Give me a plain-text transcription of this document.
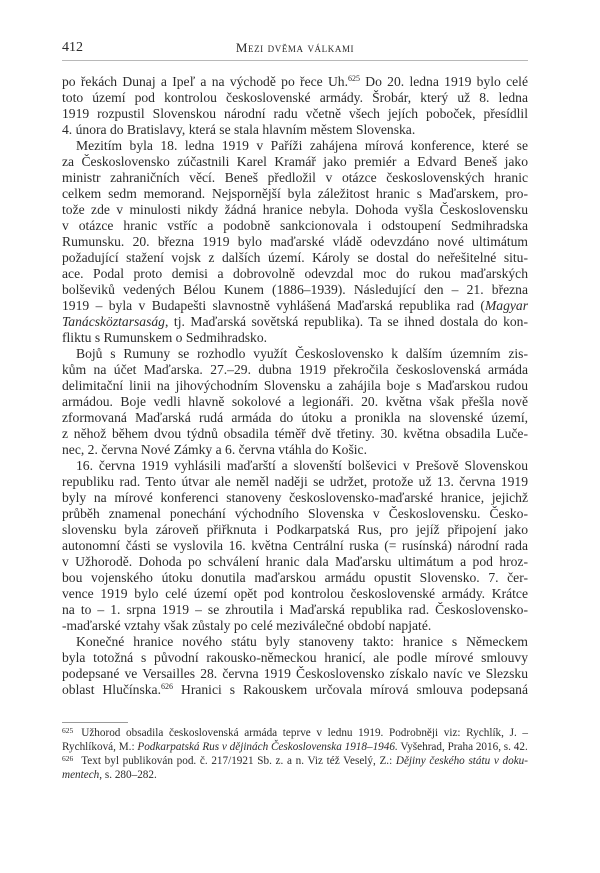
412	Mezi dvěma válkami
po řekách Dunaj a Ipeľ a na východě po řece Uh.$^{625}$ Do 20. ledna 1919 bylo celé
toto území pod kontrolou československé armády. Šrobár, který už 8. ledna
1919 rozpustil Slovenskou národní radu včetně všech jejích poboček, přesídlil
4. února do Bratislavy, která se stala hlavním městem Slovenska.
Mezitím byla 18. ledna 1919 v Paříži zahájena mírová konference, které se
za Československo zúčastnili Karel Kramář jako premiér a Edvard Beneš jako
ministr zahraničních věcí. Beneš předložil v otázce československých hranic
celkem sedm memorand. Nejspornější byla záležitost hranic s Maďarskem, pro-
tože zde v minulosti nikdy žádná hranice nebyla. Dohoda vyšla Československu
v otázce hranic vstříc a podobně sankcionovala i odstoupení Sedmihradska
Rumunsku. 20. března 1919 bylo maďarské vládě odevzdáno nové ultimátum
požadující stažení vojsk z dalších území. Károly se dostal do neřešitelné situ-
ace. Podal proto demisi a dobrovolně odevzdal moc do rukou maďarských
bolševiků vedených Bélou Kunem (1886–1939). Následující den – 21. března
1919 – byla v Budapešti slavnostně vyhlášená Maďarská republika rad (Magyar
Tanácsköztarsaság, tj. Maďarská sovětská republika). Ta se ihned dostala do kon-
fliktu s Rumunskem o Sedmihradsko.
Bojů s Rumuny se rozhodlo využít Československo k dalším územním zis-
kům na účet Maďarska. 27.–29. dubna 1919 překročila československá armáda
delimitační linii na jihovýchodním Slovensku a zahájila boje s Maďarskou rudou
armádou. Boje vedli hlavně sokolové a legionáři. 20. května však přešla nově
zformovaná Maďarská rudá armáda do útoku a pronikla na slovenské území,
z něhož během dvou týdnů obsadila téměř dvě třetiny. 30. května obsadila Luče-
nec, 2. června Nové Zámky a 6. června vtáhla do Košic.
16. června 1919 vyhlásili maďarští a slovenští bolševici v Prešově Slovenskou
republiku rad. Tento útvar ale neměl naději se udržet, protože už 13. června 1919
byly na mírové konferenci stanoveny československo-maďarské hranice, jejichž
průběh znamenal ponechání východního Slovenska v Československu. Česko-
slovensku byla zároveň přiřknuta i Podkarpatská Rus, pro jejíž připojení jako
autonomní části se vyslovila 16. května Centrální ruska (= rusínská) národní rada
v Užhorodě. Dohoda po schválení hranic dala Maďarsku ultimátum a pod hroz-
bou vojenského útoku donutila maďarskou armádu opustit Slovensko. 7. čer-
vence 1919 bylo celé území opět pod kontrolou československé armády. Krátce
na to – 1. srpna 1919 – se zhroutila i Maďarská republika rad. Československo-
-maďarské vztahy však zůstaly po celé meziválečné období napjaté.
Konečné hranice nového státu byly stanoveny takto: hranice s Německem
byla totožná s původní rakousko-německou hranicí, ale podle mírové smlouvy
podepsané ve Versailles 28. června 1919 Československo získalo navíc ve Slezsku
oblast Hlučínska.$^{626}$ Hranici s Rakouskem určovala mírová smlouva podepsaná
$^{625}$ Užhorod obsadila československá armáda teprve v lednu 1919. Podrobněji viz: Rychlík, J. –
Rychlíková, M.: Podkarpatská Rus v dějinách Československa 1918–1946. Vyšehrad, Praha 2016, s. 42.
$^{626}$ Text byl publikován pod. č. 217/1921 Sb. z. a n. Viz též Veselý, Z.: Dějiny českého státu v doku-
mentech, s. 280–282.
